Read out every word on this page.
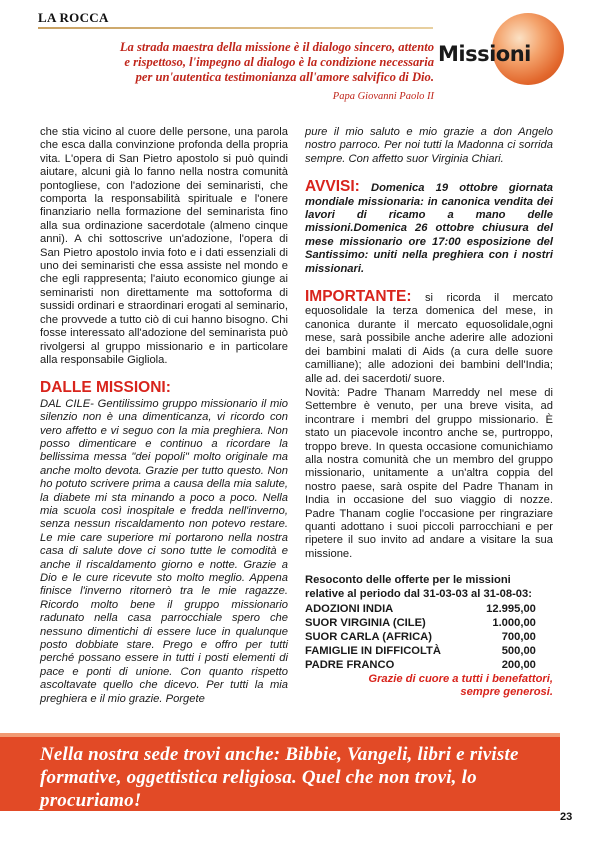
LA ROCCA
La strada maestra della missione è il dialogo sincero, attento
e rispettoso, l'impegno al dialogo è la condizione necessaria
per un'autentica testimonianza all'amore salvifico di Dio.
Papa Giovanni Paolo II
Missioni

che stia vicino al cuore delle persone, una parola che esca dalla convinzione profonda della propria vita. L'opera di San Pietro apostolo si può quindi aiutare, alcuni già lo fanno nella nostra comunità pontogliese, con l'adozione dei seminaristi, che comporta la responsabilità spirituale e l'onere finanziario nella formazione del seminarista fino alla sua ordinazione sacerdotale (almeno cinque anni). A chi sottoscrive un'adozione, l'opera di San Pietro apostolo invia foto e i dati essenziali di uno dei seminaristi che essa assiste nel mondo e che egli rappresenta; l'aiuto economico giunge ai seminaristi non direttamente ma sottoforma di sussidi ordinari e straordinari erogati al seminario, che provvede a tutto ciò di cui hanno bisogno. Chi fosse interessato all'adozione del seminarista può rivolgersi al gruppo missionario e in particolare alla responsabile Gigliola.

DALLE MISSIONI:

DAL CILE- Gentilissimo gruppo missionario il mio silenzio non è una dimenticanza, vi ricordo con vero affetto e vi seguo con la mia preghiera. Non posso dimenticare e continuo a ricordare la bellissima messa "dei popoli" molto originale ma anche molto devota. Grazie per tutto questo. Non ho potuto scrivere prima a causa della mia salute, la diabete mi sta minando a poco a poco. Nella mia scuola così inospitale e fredda nell'inverno, senza nessun riscaldamento non potevo restare. Le mie care superiore mi portarono nella nostra casa di salute dove ci sono tutte le comodità e anche il riscaldamento giorno e notte. Grazie a Dio e le cure ricevute sto molto meglio. Appena finisce l'inverno ritornerò tra le mie ragazze. Ricordo molto bene il gruppo missionario radunato nella casa parrocchiale spero che nessuno dimentichi di essere luce in qualunque posto dobbiate stare. Prego e offro per tutti perché possano essere in tutti i posti elementi di pace e ponti di unione. Con quanto rispetto ascoltavate quello che dicevo. Per tutti la mia preghiera e il mio grazie. Porgete

pure il mio saluto e mio grazie a don Angelo nostro parroco. Per noi tutti la Madonna ci sorrida sempre. Con affetto suor Virginia Chiari.

AVVISI: Domenica 19 ottobre giornata mondiale missionaria: in canonica vendita dei lavori di ricamo a mano delle missioni.Domenica 26 ottobre chiusura del mese missionario ore 17:00 esposizione del Santissimo: uniti nella preghiera con i nostri missionari.

IMPORTANTE: si ricorda il mercato equosolidale la terza domenica del mese, in canonica durante il mercato equosolidale,ogni mese, sarà possibile anche aderire alle adozioni dei bambini malati di Aids (a cura delle suore camilliane); alle adozioni dei bambini dell'India; alle ad. dei sacerdoti/ suore.

Novità: Padre Thanam Marreddy nel mese di Settembre è venuto, per una breve visita, ad incontrare i membri del gruppo missionario. È stato un piacevole incontro anche se, purtroppo, troppo breve. In questa occasione comunichiamo alla nostra comunità che un membro del gruppo missionario, unitamente a un'altra coppia del nostro paese, sarà ospite del Padre Thanam in India in occasione del suo viaggio di nozze. Padre Thanam coglie l'occasione per ringraziare quanti adottano i suoi piccoli parrocchiani e per ripetere il suo invito ad andare a visitare la sua missione.

Resoconto delle offerte per le missioni relative al periodo dal 31-03-03 al 31-08-03:

ADOZIONI INDIA	12.995,00
SUOR VIRGINIA (CILE)	1.000,00
SUOR CARLA (AFRICA)	700,00
FAMIGLIE IN DIFFICOLTÀ	500,00
PADRE FRANCO	200,00

Grazie di cuore a tutti i benefattori,
sempre generosi.

Nella nostra sede trovi anche: Bibbie, Vangeli, libri e riviste formative, oggettistica religiosa. Quel che non trovi, lo procuriamo!
23
